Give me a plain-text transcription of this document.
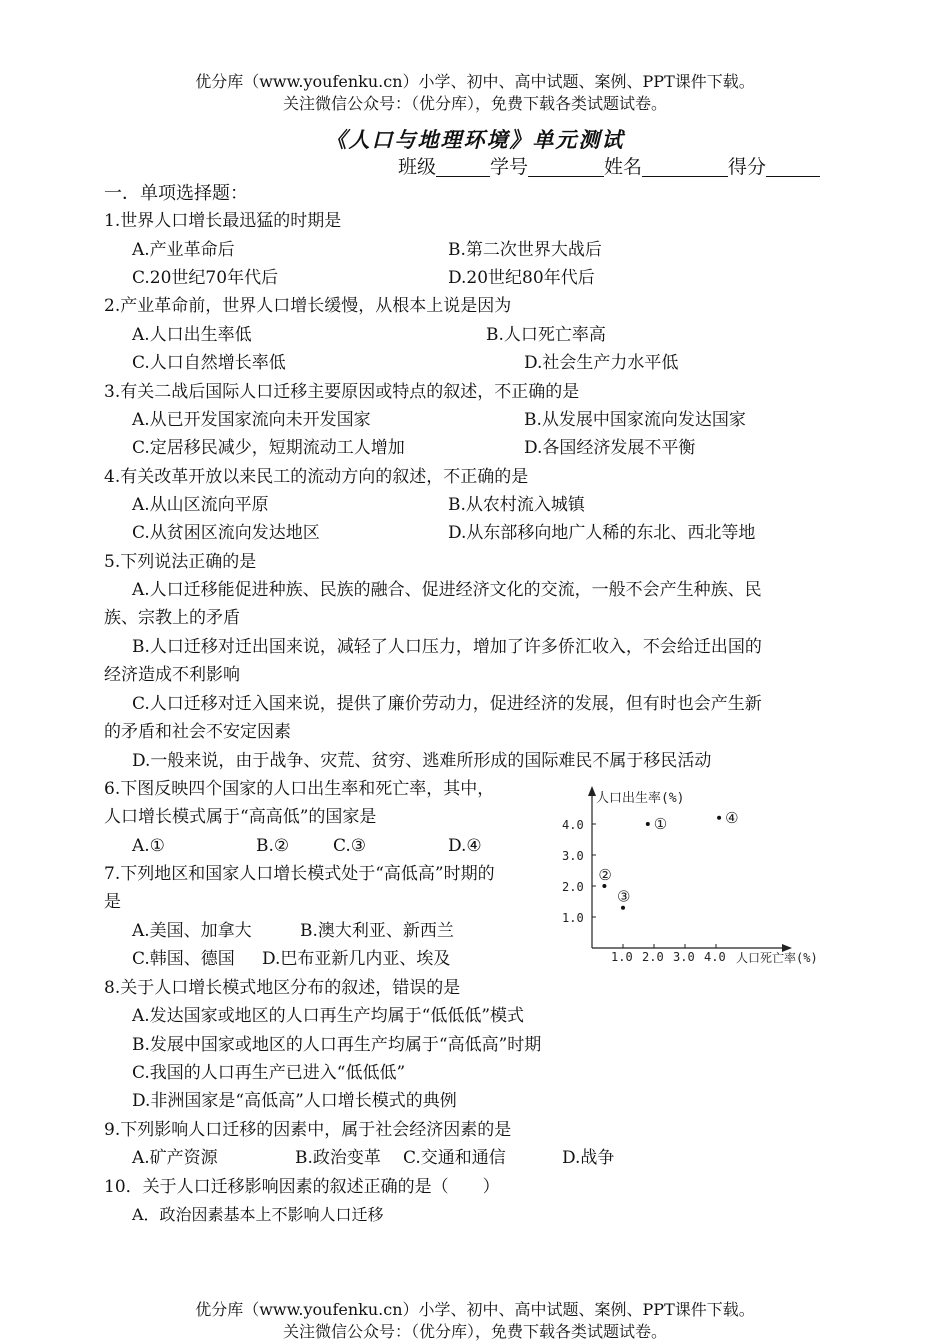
优分库（www.youfenku.cn）小学、初中、高中试题、案例、PPT课件下载。
关注微信公众号：（优分库），免费下载各类试题试卷。
《人口与地理环境》单元测试
班级	学号	姓名	得分
一．单项选择题：
1.世界人口增长最迅猛的时期是
A.产业革命后	B.第二次世界大战后
C.20世纪70年代后	D.20世纪80年代后
2.产业革命前，世界人口增长缓慢，从根本上说是因为
A.人口出生率低	B.人口死亡率高
C.人口自然增长率低	D.社会生产力水平低
3.有关二战后国际人口迁移主要原因或特点的叙述，不正确的是
A.从已开发国家流向未开发国家	B.从发展中国家流向发达国家
C.定居移民减少，短期流动工人增加	D.各国经济发展不平衡
4.有关改革开放以来民工的流动方向的叙述，不正确的是
A.从山区流向平原	B.从农村流入城镇
C.从贫困区流向发达地区	D.从东部移向地广人稀的东北、西北等地
5.下列说法正确的是
A.人口迁移能促进种族、民族的融合、促进经济文化的交流，一般不会产生种族、民
族、宗教上的矛盾
B.人口迁移对迁出国来说，减轻了人口压力，增加了许多侨汇收入，不会给迁出国的
经济造成不利影响
C.人口迁移对迁入国来说，提供了廉价劳动力，促进经济的发展，但有时也会产生新
的矛盾和社会不安定因素
D.一般来说，由于战争、灾荒、贫穷、逃难所形成的国际难民不属于移民活动
6.下图反映四个国家的人口出生率和死亡率，其中，
人口增长模式属于“高高低”的国家是
A.①	B.②	C.③	D.④
7.下列地区和国家人口增长模式处于“高低高”时期的
是
A.美国、加拿大	B.澳大利亚、新西兰
C.韩国、德国 D.巴布亚新几内亚、埃及
8.关于人口增长模式地区分布的叙述，错误的是
A.发达国家或地区的人口再生产均属于“低低低”模式
B.发展中国家或地区的人口再生产均属于“高低高”时期
C.我国的人口再生产已进入“低低低”
D.非洲国家是“高低高”人口增长模式的典例
9.下列影响人口迁移的因素中，属于社会经济因素的是
A.矿产资源	B.政治变革 C.交通和通信	D.战争
10．关于人口迁移影响因素的叙述正确的是（　　）
A．政治因素基本上不影响人口迁移
人口出生率(%)
人口死亡率(%)
1.0
2.0
3.0
4.0
1.0 2.0 3.0 4.0
①
②
③
④
优分库（www.youfenku.cn）小学、初中、高中试题、案例、PPT课件下载。
关注微信公众号：（优分库），免费下载各类试题试卷。
